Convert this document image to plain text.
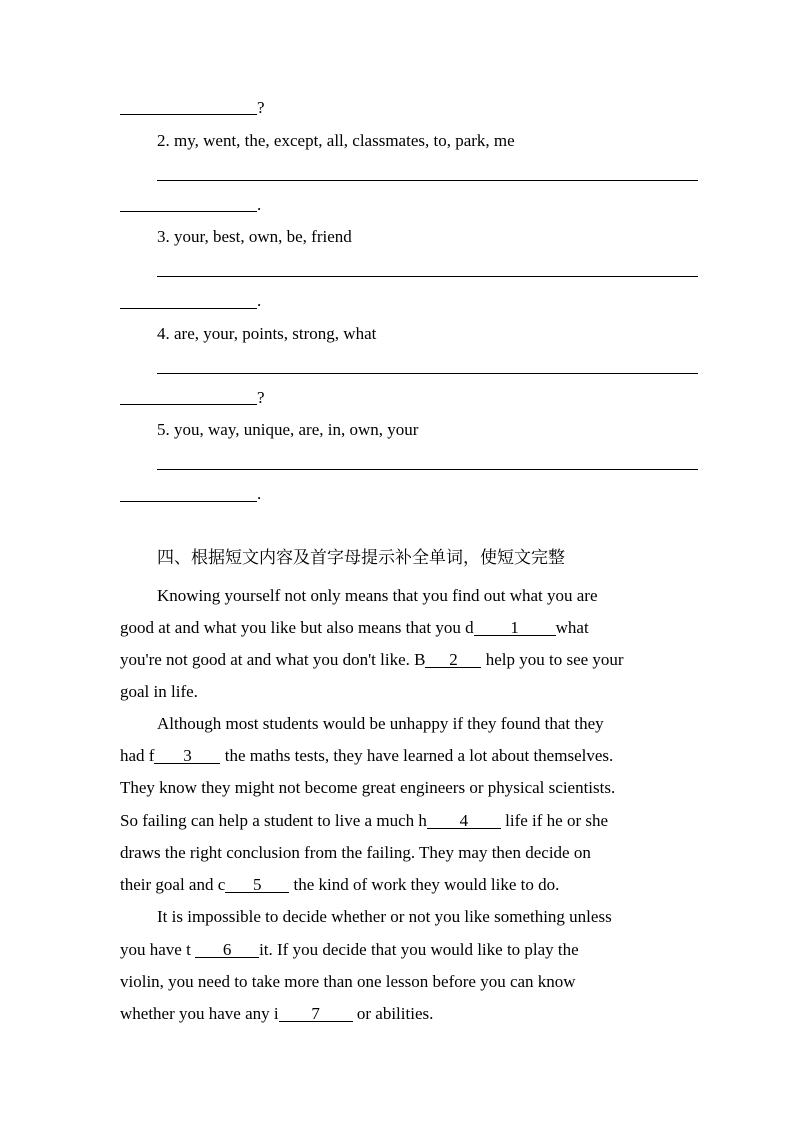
?
2. my, went, the, except, all, classmates, to, park, me
.
3. your, best, own, be, friend
.
4. are, your, points, strong, what
?
5. you, way, unique, are, in, own, your
.
四、根据短文内容及首字母提示补全单词，使短文完整
Knowing yourself not only means that you find out what you are
good at and what you like but also means that you d 1 what
you're not good at and what you don't like. B 2 help you to see your
goal in life.
Although most students would be unhappy if they found that they
had f 3 the maths tests, they have learned a lot about themselves.
They know they might not become great engineers or physical scientists.
So failing can help a student to live a much h 4 life if he or she
draws the right conclusion from the failing. They may then decide on
their goal and c 5 the kind of work they would like to do.
It is impossible to decide whether or not you like something unless
you have t 6 it. If you decide that you would like to play the
violin, you need to take more than one lesson before you can know
whether you have any i 7 or abilities.
